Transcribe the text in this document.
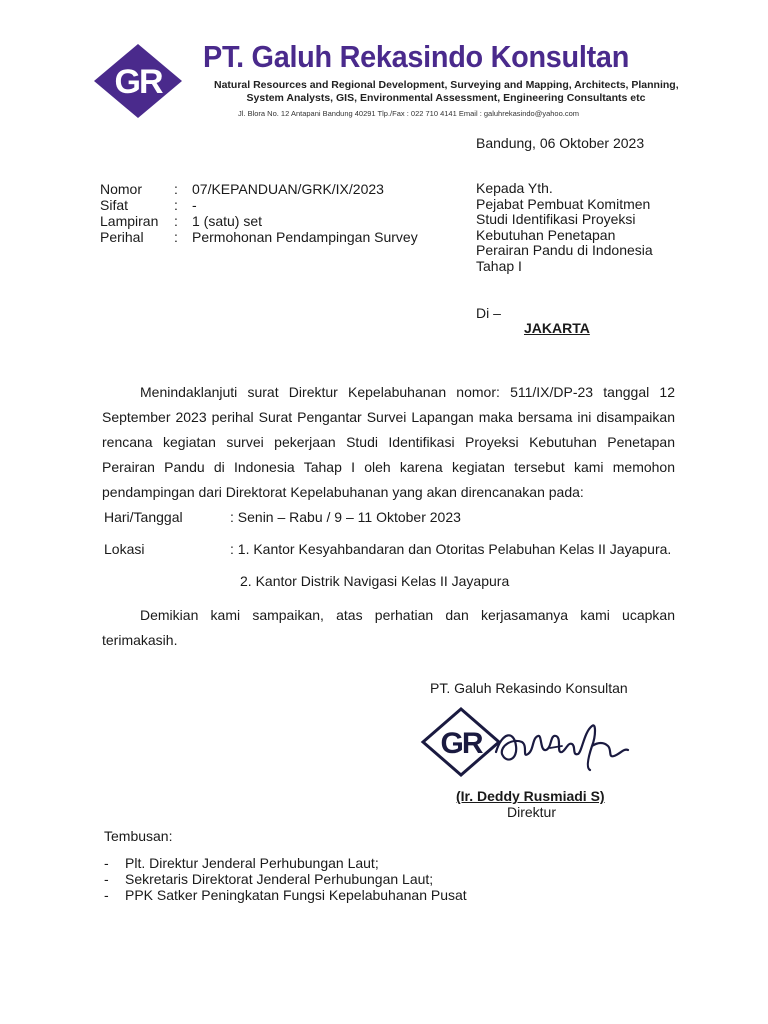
GR
PT. Galuh Rekasindo Konsultan
Natural Resources and Regional Development, Surveying and Mapping, Architects, Planning,
System Analysts, GIS, Environmental Assessment, Engineering Consultants etc
Jl. Blora No. 12 Antapani Bandung 40291 Tlp./Fax : 022 710 4141 Email : galuhrekasindo@yahoo.com
Bandung, 06 Oktober 2023
Nomor	:	07/KEPANDUAN/GRK/IX/2023
Sifat	:	-
Lampiran	:	1 (satu) set
Perihal	:	Permohonan Pendampingan Survey
Kepada Yth.
Pejabat Pembuat Komitmen
Studi Identifikasi Proyeksi
Kebutuhan Penetapan
Perairan Pandu di Indonesia
Tahap I
Di –
JAKARTA
Menindaklanjuti surat Direktur Kepelabuhanan nomor: 511/IX/DP-23 tanggal 12 September 2023 perihal Surat Pengantar Survei Lapangan maka bersama ini disampaikan rencana kegiatan survei pekerjaan Studi Identifikasi Proyeksi Kebutuhan Penetapan Perairan Pandu di Indonesia Tahap I oleh karena kegiatan tersebut kami memohon pendampingan dari Direktorat Kepelabuhanan yang akan direncanakan pada:
Hari/Tanggal	: Senin – Rabu / 9 – 11 Oktober 2023
Lokasi	: 1. Kantor Kesyahbandaran dan Otoritas Pelabuhan Kelas II Jayapura.
2. Kantor Distrik Navigasi Kelas II Jayapura
Demikian kami sampaikan, atas perhatian dan kerjasamanya kami ucapkan terimakasih.
PT. Galuh Rekasindo Konsultan
GR
(Ir. Deddy Rusmiadi S)
Direktur
Tembusan:
-	Plt. Direktur Jenderal Perhubungan Laut;
-	Sekretaris Direktorat Jenderal Perhubungan Laut;
-	PPK Satker Peningkatan Fungsi Kepelabuhanan Pusat
